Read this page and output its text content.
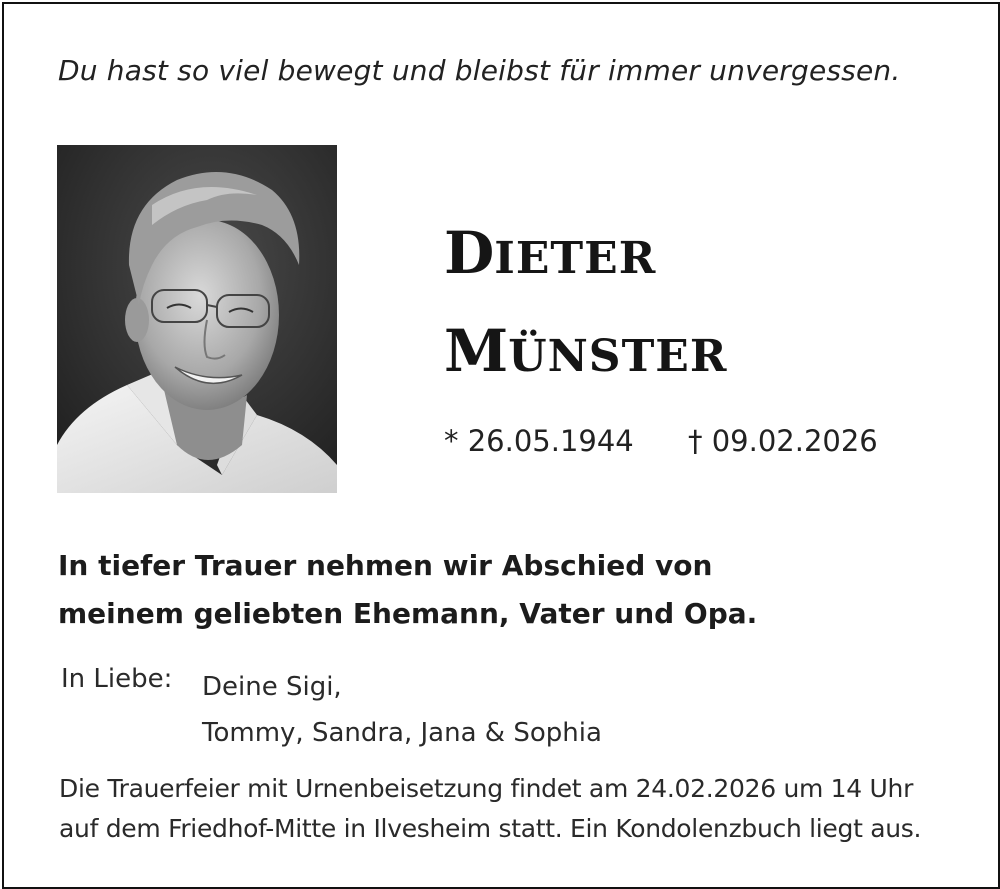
Du hast so viel bewegt und bleibst für immer unvergessen.
DIETER
MÜNSTER
* 26.05.1944 † 09.02.2026
In tiefer Trauer nehmen wir Abschied von
meinem geliebten Ehemann, Vater und Opa.
In Liebe: Deine Sigi,
Tommy, Sandra, Jana & Sophia
Die Trauerfeier mit Urnenbeisetzung findet am 24.02.2026 um 14 Uhr
auf dem Friedhof-Mitte in Ilvesheim statt. Ein Kondolenzbuch liegt aus.
